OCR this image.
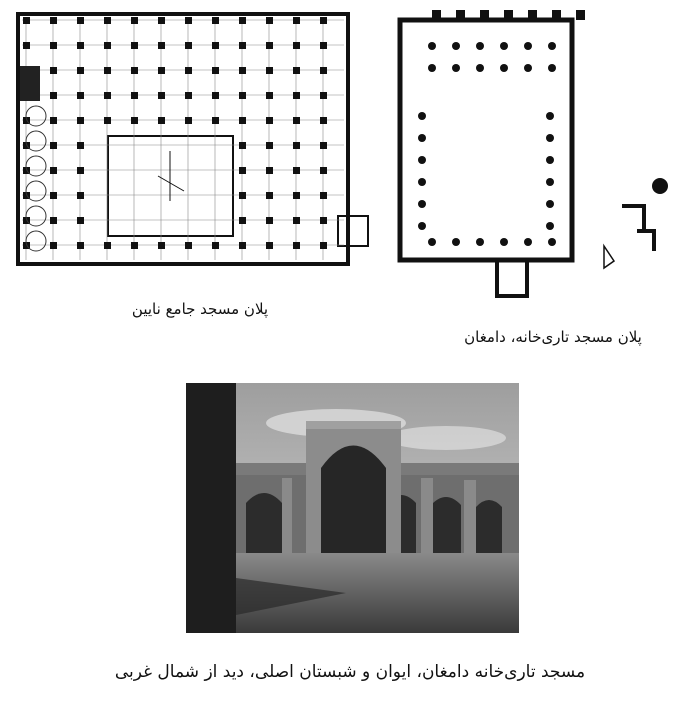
پلان مسجد جامع نایین
پلان مسجد تاری‌خانه، دامغان
مسجد تاری‌خانه دامغان، ایوان و شبستان اصلی، دید از شمال غربی
